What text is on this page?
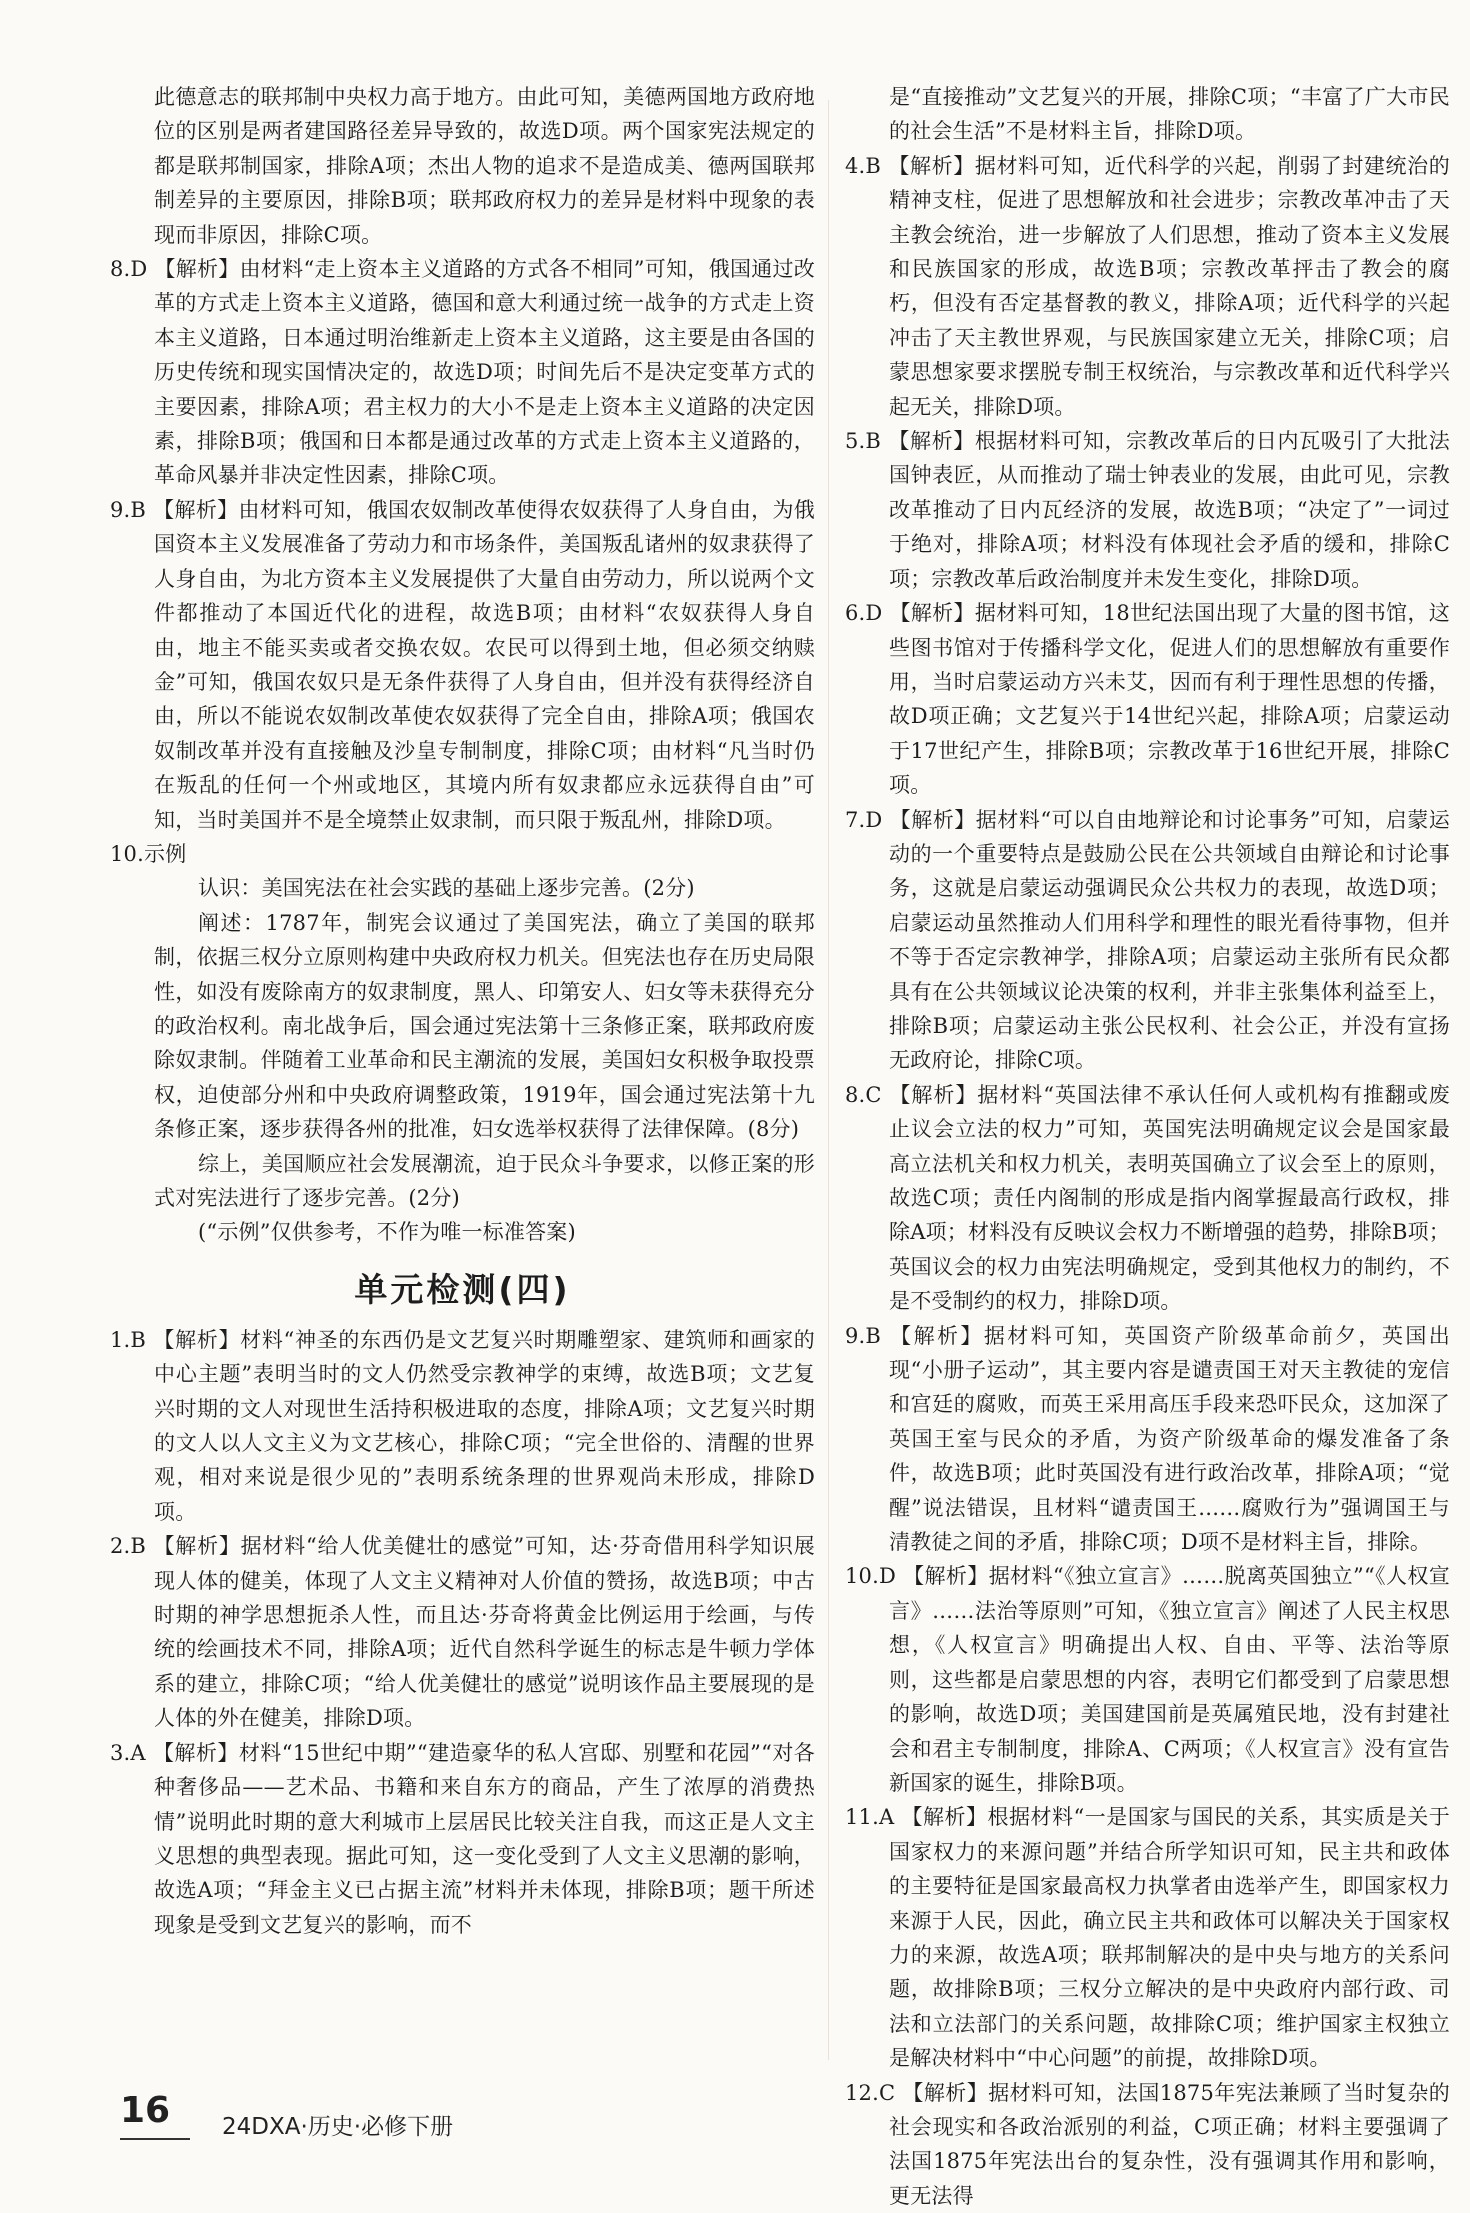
此德意志的联邦制中央权力高于地方。由此可知，美德两国地方政府地位的区别是两者建国路径差异导致的，故选D项。两个国家宪法规定的都是联邦制国家，排除A项；杰出人物的追求不是造成美、德两国联邦制差异的主要原因，排除B项；联邦政府权力的差异是材料中现象的表现而非原因，排除C项。

8.D 【解析】由材料“走上资本主义道路的方式各不相同”可知，俄国通过改革的方式走上资本主义道路，德国和意大利通过统一战争的方式走上资本主义道路，日本通过明治维新走上资本主义道路，这主要是由各国的历史传统和现实国情决定的，故选D项；时间先后不是决定变革方式的主要因素，排除A项；君主权力的大小不是走上资本主义道路的决定因素，排除B项；俄国和日本都是通过改革的方式走上资本主义道路的，革命风暴并非决定性因素，排除C项。

9.B 【解析】由材料可知，俄国农奴制改革使得农奴获得了人身自由，为俄国资本主义发展准备了劳动力和市场条件，美国叛乱诸州的奴隶获得了人身自由，为北方资本主义发展提供了大量自由劳动力，所以说两个文件都推动了本国近代化的进程，故选B项；由材料“农奴获得人身自由，地主不能买卖或者交换农奴。农民可以得到土地，但必须交纳赎金”可知，俄国农奴只是无条件获得了人身自由，但并没有获得经济自由，所以不能说农奴制改革使农奴获得了完全自由，排除A项；俄国农奴制改革并没有直接触及沙皇专制制度，排除C项；由材料“凡当时仍在叛乱的任何一个州或地区，其境内所有奴隶都应永远获得自由”可知，当时美国并不是全境禁止奴隶制，而只限于叛乱州，排除D项。

10.示例

认识：美国宪法在社会实践的基础上逐步完善。(2分)

阐述：1787年，制宪会议通过了美国宪法，确立了美国的联邦制，依据三权分立原则构建中央政府权力机关。但宪法也存在历史局限性，如没有废除南方的奴隶制度，黑人、印第安人、妇女等未获得充分的政治权利。南北战争后，国会通过宪法第十三条修正案，联邦政府废除奴隶制。伴随着工业革命和民主潮流的发展，美国妇女积极争取投票权，迫使部分州和中央政府调整政策，1919年，国会通过宪法第十九条修正案，逐步获得各州的批准，妇女选举权获得了法律保障。(8分)

综上，美国顺应社会发展潮流，迫于民众斗争要求，以修正案的形式对宪法进行了逐步完善。(2分)

(“示例”仅供参考，不作为唯一标准答案)

单元检测(四)

1.B 【解析】材料“神圣的东西仍是文艺复兴时期雕塑家、建筑师和画家的中心主题”表明当时的文人仍然受宗教神学的束缚，故选B项；文艺复兴时期的文人对现世生活持积极进取的态度，排除A项；文艺复兴时期的文人以人文主义为文艺核心，排除C项；“完全世俗的、清醒的世界观，相对来说是很少见的”表明系统条理的世界观尚未形成，排除D项。

2.B 【解析】据材料“给人优美健壮的感觉”可知，达·芬奇借用科学知识展现人体的健美，体现了人文主义精神对人价值的赞扬，故选B项；中古时期的神学思想扼杀人性，而且达·芬奇将黄金比例运用于绘画，与传统的绘画技术不同，排除A项；近代自然科学诞生的标志是牛顿力学体系的建立，排除C项；“给人优美健壮的感觉”说明该作品主要展现的是人体的外在健美，排除D项。

3.A 【解析】材料“15世纪中期”“建造豪华的私人宫邸、别墅和花园”“对各种奢侈品——艺术品、书籍和来自东方的商品，产生了浓厚的消费热情”说明此时期的意大利城市上层居民比较关注自我，而这正是人文主义思想的典型表现。据此可知，这一变化受到了人文主义思潮的影响，故选A项；“拜金主义已占据主流”材料并未体现，排除B项；题干所述现象是受到文艺复兴的影响，而不

是“直接推动”文艺复兴的开展，排除C项；“丰富了广大市民的社会生活”不是材料主旨，排除D项。

4.B 【解析】据材料可知，近代科学的兴起，削弱了封建统治的精神支柱，促进了思想解放和社会进步；宗教改革冲击了天主教会统治，进一步解放了人们思想，推动了资本主义发展和民族国家的形成，故选B项；宗教改革抨击了教会的腐朽，但没有否定基督教的教义，排除A项；近代科学的兴起冲击了天主教世界观，与民族国家建立无关，排除C项；启蒙思想家要求摆脱专制王权统治，与宗教改革和近代科学兴起无关，排除D项。

5.B 【解析】根据材料可知，宗教改革后的日内瓦吸引了大批法国钟表匠，从而推动了瑞士钟表业的发展，由此可见，宗教改革推动了日内瓦经济的发展，故选B项；“决定了”一词过于绝对，排除A项；材料没有体现社会矛盾的缓和，排除C项；宗教改革后政治制度并未发生变化，排除D项。

6.D 【解析】据材料可知，18世纪法国出现了大量的图书馆，这些图书馆对于传播科学文化，促进人们的思想解放有重要作用，当时启蒙运动方兴未艾，因而有利于理性思想的传播，故D项正确；文艺复兴于14世纪兴起，排除A项；启蒙运动于17世纪产生，排除B项；宗教改革于16世纪开展，排除C项。

7.D 【解析】据材料“可以自由地辩论和讨论事务”可知，启蒙运动的一个重要特点是鼓励公民在公共领域自由辩论和讨论事务，这就是启蒙运动强调民众公共权力的表现，故选D项；启蒙运动虽然推动人们用科学和理性的眼光看待事物，但并不等于否定宗教神学，排除A项；启蒙运动主张所有民众都具有在公共领域议论决策的权利，并非主张集体利益至上，排除B项；启蒙运动主张公民权利、社会公正，并没有宣扬无政府论，排除C项。

8.C 【解析】据材料“英国法律不承认任何人或机构有推翻或废止议会立法的权力”可知，英国宪法明确规定议会是国家最高立法机关和权力机关，表明英国确立了议会至上的原则，故选C项；责任内阁制的形成是指内阁掌握最高行政权，排除A项；材料没有反映议会权力不断增强的趋势，排除B项；英国议会的权力由宪法明确规定，受到其他权力的制约，不是不受制约的权力，排除D项。

9.B 【解析】据材料可知，英国资产阶级革命前夕，英国出现“小册子运动”，其主要内容是谴责国王对天主教徒的宠信和宫廷的腐败，而英王采用高压手段来恐吓民众，这加深了英国王室与民众的矛盾，为资产阶级革命的爆发准备了条件，故选B项；此时英国没有进行政治改革，排除A项；“觉醒”说法错误，且材料“谴责国王……腐败行为”强调国王与清教徒之间的矛盾，排除C项；D项不是材料主旨，排除。

10.D 【解析】据材料“《独立宣言》……脱离英国独立”“《人权宣言》……法治等原则”可知，《独立宣言》阐述了人民主权思想，《人权宣言》明确提出人权、自由、平等、法治等原则，这些都是启蒙思想的内容，表明它们都受到了启蒙思想的影响，故选D项；美国建国前是英属殖民地，没有封建社会和君主专制制度，排除A、C两项；《人权宣言》没有宣告新国家的诞生，排除B项。

11.A 【解析】根据材料“一是国家与国民的关系，其实质是关于国家权力的来源问题”并结合所学知识可知，民主共和政体的主要特征是国家最高权力执掌者由选举产生，即国家权力来源于人民，因此，确立民主共和政体可以解决关于国家权力的来源，故选A项；联邦制解决的是中央与地方的关系问题，故排除B项；三权分立解决的是中央政府内部行政、司法和立法部门的关系问题，故排除C项；维护国家主权独立是解决材料中“中心问题”的前提，故排除D项。

12.C 【解析】据材料可知，法国1875年宪法兼顾了当时复杂的社会现实和各政治派别的利益，C项正确；材料主要强调了法国1875年宪法出台的复杂性，没有强调其作用和影响，更无法得

16 24DXA·历史·必修下册
